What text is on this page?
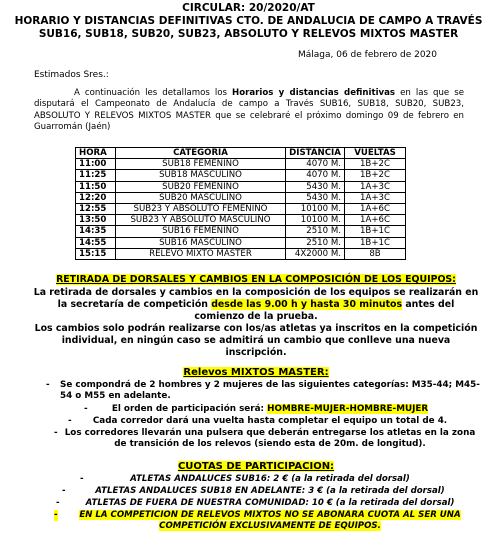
CIRCULAR: 20/2020/AT
HORARIO Y DISTANCIAS DEFINITIVAS CTO. DE ANDALUCIA DE CAMPO A TRAVÉS
SUB16, SUB18, SUB20, SUB23, ABSOLUTO Y RELEVOS MIXTOS MASTER
Málaga, 06 de febrero de 2020
Estimados Sres.:
A continuación les detallamos los Horarios y distancias definitivas en las que se disputará el Campeonato de Andalucía de campo a Través SUB16, SUB18, SUB20, SUB23, ABSOLUTO Y RELEVOS MIXTOS MASTER que se celebraré el próximo domingo 09 de febrero en Guarromán (Jaén)
HORA	CATEGORIA	DISTANCIA	VUELTAS
11:00	SUB18 FEMENINO	4070 M.	1B+2C
11:25	SUB18 MASCULINO	4070 M.	1B+2C
11:50	SUB20 FEMENINO	5430 M.	1A+3C
12:20	SUB20 MASCULINO	5430 M.	1A+3C
12:55	SUB23 Y ABSOLUTO FEMENINO	10100 M.	1A+6C
13:50	SUB23 Y ABSOLUTO MASCULINO	10100 M.	1A+6C
14:35	SUB16 FEMENINO	2510 M.	1B+1C
14:55	SUB16 MASCULINO	2510 M.	1B+1C
15:15	RELEVO MIXTO MASTER	4X2000 M.	8B
RETIRADA DE DORSALES Y CAMBIOS EN LA COMPOSICIÓN DE LOS EQUIPOS:
La retirada de dorsales y cambios en la composición de los equipos se realizarán en la secretaría de competición desde las 9.00 h y hasta 30 minutos antes del comienzo de la prueba.
Los cambios solo podrán realizarse con los/as atletas ya inscritos en la competición individual, en ningún caso se admitirá un cambio que conlleve una nueva inscripción.
Relevos MIXTOS MASTER:
- Se compondrá de 2 hombres y 2 mujeres de las siguientes categorías: M35-44; M45-54 o M55 en adelante.
-	El orden de participación será: HOMBRE-MUJER-HOMBRE-MUJER
- Cada corredor dará una vuelta hasta completar el equipo un total de 4.
- Los corredores llevarán una pulsera que deberán entregarse los atletas en la zona de transición de los relevos (siendo esta de 20m. de longitud).
CUOTAS DE PARTICIPACION:
-	ATLETAS ANDALUCES SUB16: 2 € (a la retirada del dorsal)
-	ATLETAS ANDALUCES SUB18 EN ADELANTE: 3 € (a la retirada del dorsal)
-	ATLETAS DE FUERA DE NUESTRA COMUNIDAD: 10 € (a la retirada del dorsal)
-	EN LA COMPETICION DE RELEVOS MIXTOS NO SE ABONARA CUOTA AL SER UNA COMPETICIÓN EXCLUSIVAMENTE DE EQUIPOS.
